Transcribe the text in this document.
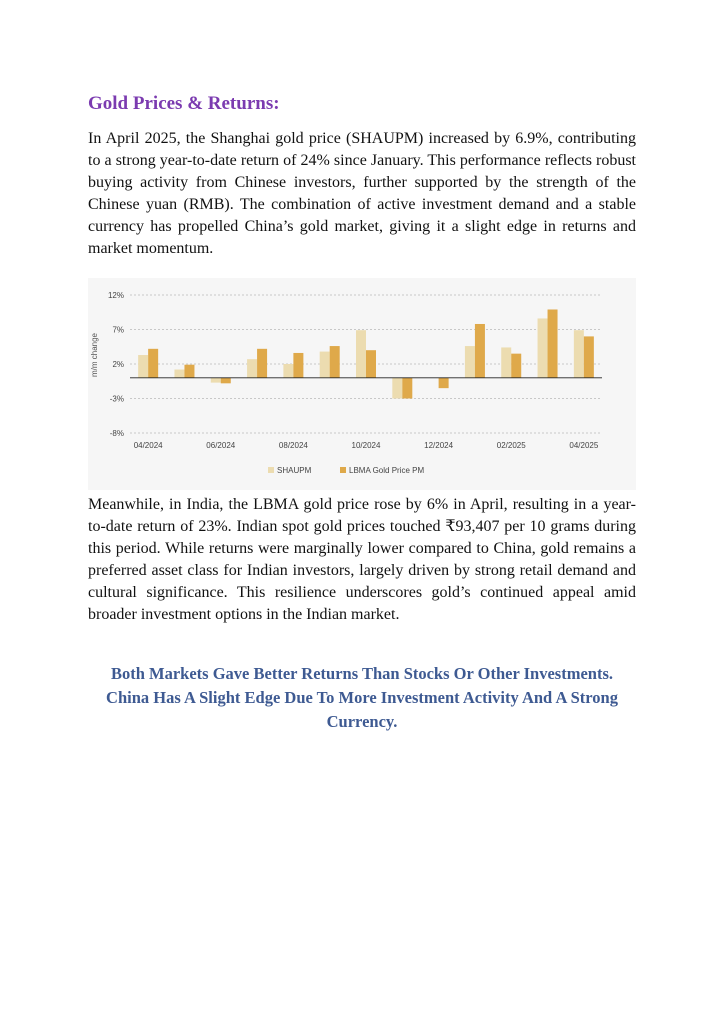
Gold Prices & Returns:

In April 2025, the Shanghai gold price (SHAUPM) increased by 6.9%, contributing to a strong year-to-date return of 24% since January. This performance reflects robust buying activity from Chinese investors, further supported by the strength of the Chinese yuan (RMB). The combination of active investment demand and a stable currency has propelled China’s gold market, giving it a slight edge in returns and market momentum.

m/m change
12%
7%
2%
-3%
-8%
04/2024	06/2024	08/2024	10/2024	12/2024	02/2025	04/2025
SHAUPM	LBMA Gold Price PM

Meanwhile, in India, the LBMA gold price rose by 6% in April, resulting in a year-to-date return of 23%. Indian spot gold prices touched ₹93,407 per 10 grams during this period. While returns were marginally lower compared to China, gold remains a preferred asset class for Indian investors, largely driven by strong retail demand and cultural significance. This resilience underscores gold’s continued appeal amid broader investment options in the Indian market.

Both Markets Gave Better Returns Than Stocks Or Other Investments. China Has A Slight Edge Due To More Investment Activity And A Strong Currency.
